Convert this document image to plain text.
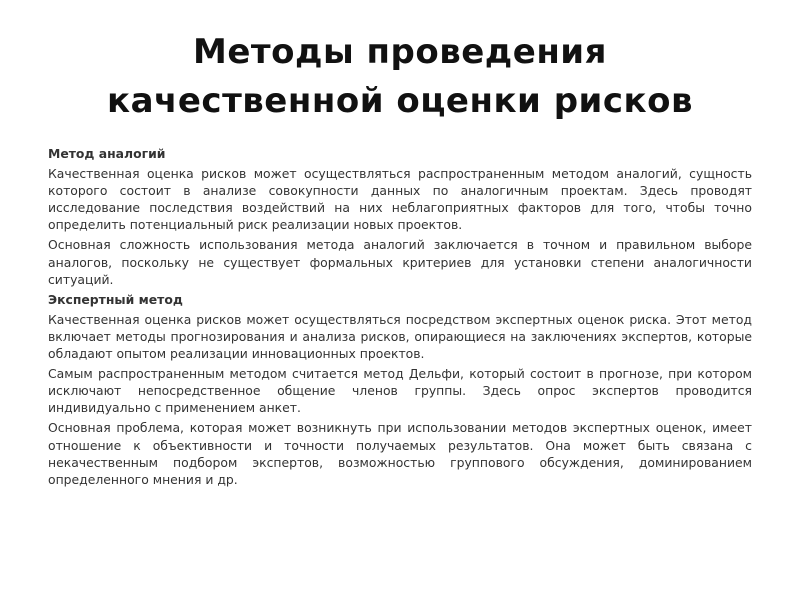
Методы проведения
качественной оценки рисков

Метод аналогий

Качественная оценка рисков может осуществляться распространенным методом аналогий, сущность которого состоит в анализе совокупности данных по аналогичным проектам. Здесь проводят исследование последствия воздействий на них неблагоприятных факторов для того, чтобы точно определить потенциальный риск реализации новых проектов.

Основная сложность использования метода аналогий заключается в точном и правильном выборе аналогов, поскольку не существует формальных критериев для установки степени аналогичности ситуаций.

Экспертный метод

Качественная оценка рисков может осуществляться посредством экспертных оценок риска. Этот метод включает методы прогнозирования и анализа рисков, опирающиеся на заключениях экспертов, которые обладают опытом реализации инновационных проектов.

Самым распространенным методом считается метод Дельфи, который состоит в прогнозе, при котором исключают непосредственное общение членов группы. Здесь опрос экспертов проводится индивидуально с применением анкет.

Основная проблема, которая может возникнуть при использовании методов экспертных оценок, имеет отношение к объективности и точности получаемых результатов. Она может быть связана с некачественным подбором экспертов, возможностью группового обсуждения, доминированием определенного мнения и др.
